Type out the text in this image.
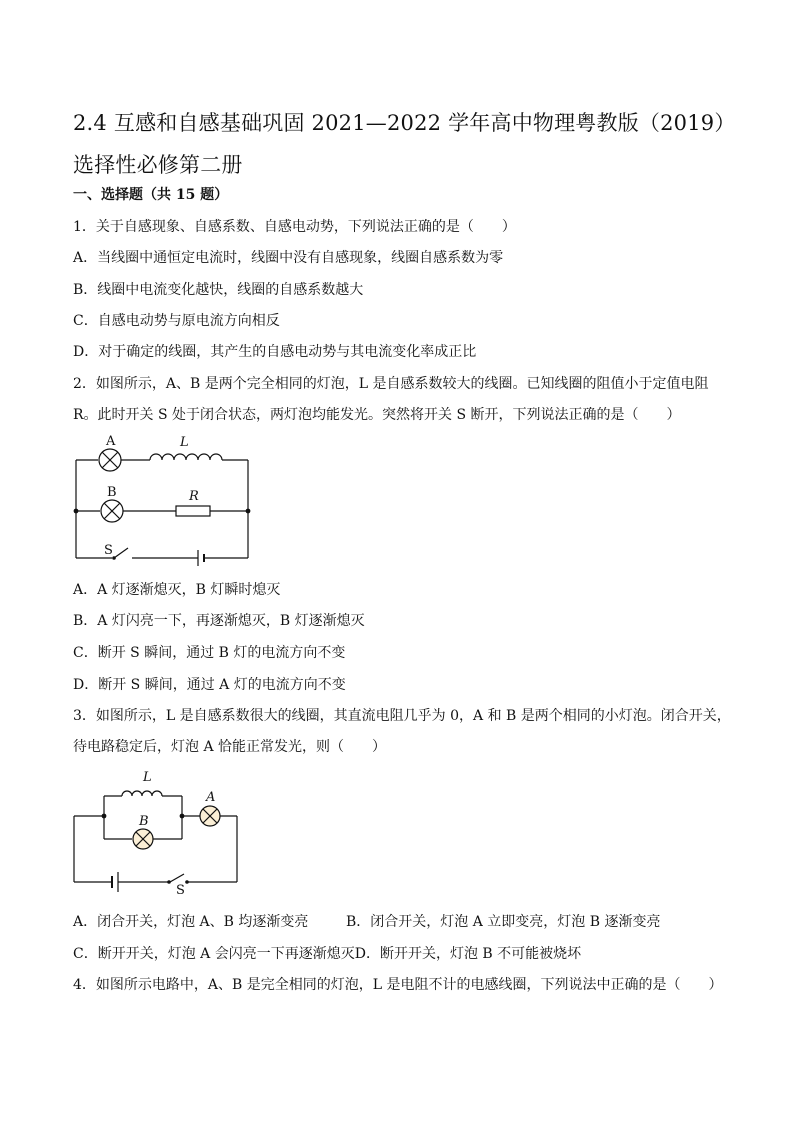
2.4 互感和自感基础巩固 2021—2022 学年高中物理粤教版（2019）选择性必修第二册
一、选择题（共 15 题）
1．关于自感现象、自感系数、自感电动势，下列说法正确的是（　　）
A．当线圈中通恒定电流时，线圈中没有自感现象，线圈自感系数为零
B．线圈中电流变化越快，线圈的自感系数越大
C．自感电动势与原电流方向相反
D．对于确定的线圈，其产生的自感电动势与其电流变化率成正比
2．如图所示，A、B 是两个完全相同的灯泡，L 是自感系数较大的线圈。已知线圈的阻值小于定值电阻
R。此时开关 S 处于闭合状态，两灯泡均能发光。突然将开关 S 断开，下列说法正确的是（　　）
A	L
B	R
S
A．A 灯逐渐熄灭，B 灯瞬时熄灭
B．A 灯闪亮一下，再逐渐熄灭，B 灯逐渐熄灭
C．断开 S 瞬间，通过 B 灯的电流方向不变
D．断开 S 瞬间，通过 A 灯的电流方向不变
3．如图所示，L 是自感系数很大的线圈，其直流电阻几乎为 0，A 和 B 是两个相同的小灯泡。闭合开关，
待电路稳定后，灯泡 A 恰能正常发光，则（　　）
L
B
A
S
A．闭合开关，灯泡 A、B 均逐渐变亮	B．闭合开关，灯泡 A 立即变亮，灯泡 B 逐渐变亮
C．断开开关，灯泡 A 会闪亮一下再逐渐熄灭D．断开开关，灯泡 B 不可能被烧坏
4．如图所示电路中，A、B 是完全相同的灯泡，L 是电阻不计的电感线圈，下列说法中正确的是（　　）
